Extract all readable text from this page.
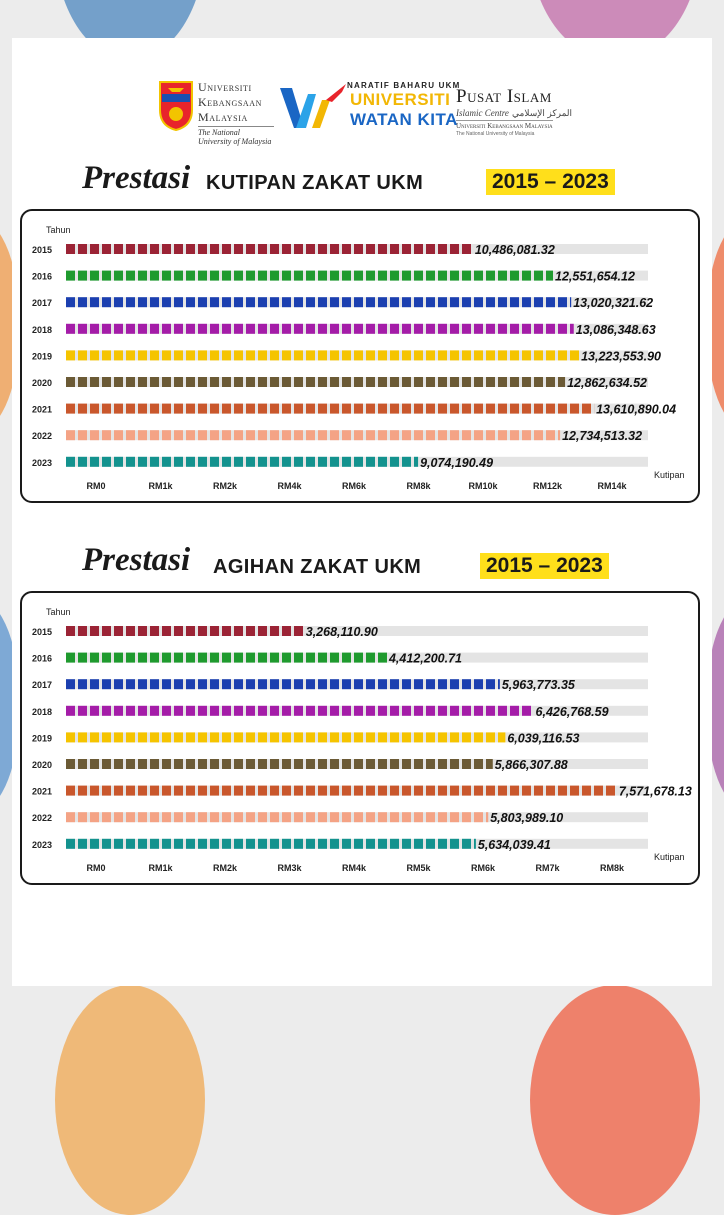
Universiti
Kebangsaan
Malaysia
The National University of Malaysia
NARATIF BAHARU UKM
UNIVERSITI
WATAN KITA
Pusat Islam
Islamic Centre المركز الإسلامي
Universiti Kebangsaan Malaysia
The National University of Malaysia
Prestasi KUTIPAN ZAKAT UKM	2015 – 2023
Tahun
Kutipan
2015	10,486,081.32
2016	12,551,654.12
2017	13,020,321.62
2018	13,086,348.63
2019	13,223,553.90
2020	12,862,634.52
2021	13,610,890.04
2022	12,734,513.32
2023	9,074,190.49
RM0	RM1k	RM2k	RM4k	RM6k	RM8k	RM10k	RM12k	RM14k
Prestasi AGIHAN ZAKAT UKM	2015 – 2023
Tahun
Kutipan
2015	3,268,110.90
2016	4,412,200.71
2017	5,963,773.35
2018	6,426,768.59
2019	6,039,116.53
2020	5,866,307.88
2021	7,571,678.13
2022	5,803,989.10
2023	5,634,039.41
RM0	RM1k	RM2k	RM3k	RM4k	RM5k	RM6k	RM7k	RM8k
